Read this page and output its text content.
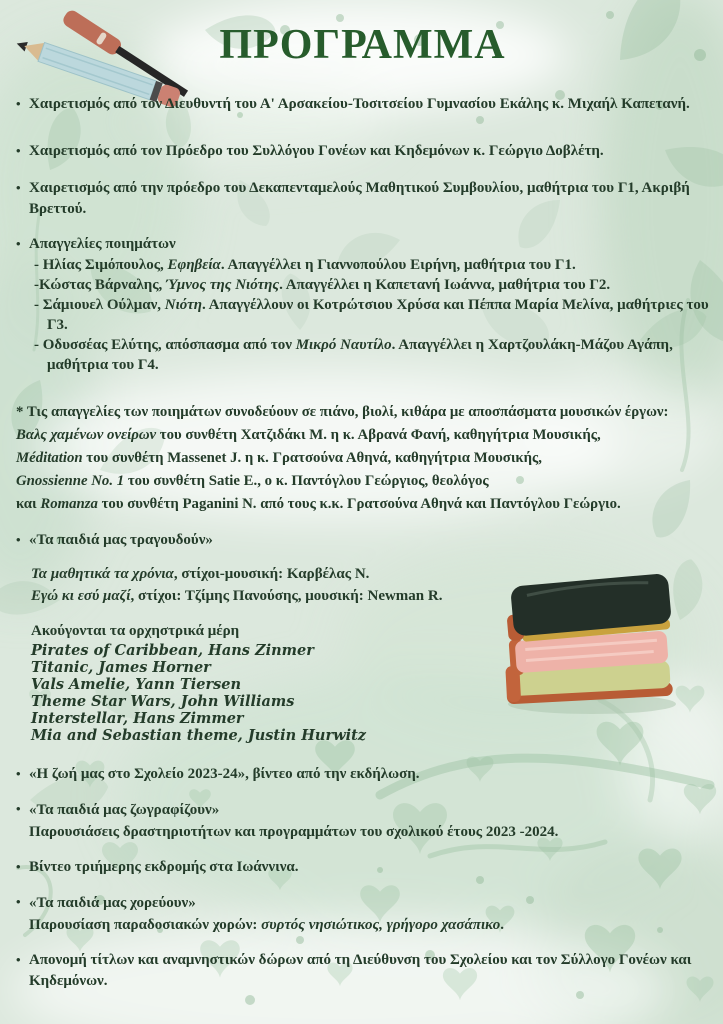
ΠΡΟΓΡΑΜΜΑ
• Χαιρετισμός από τον Διευθυντή του Α' Αρσακείου-Τοσιτσείου Γυμνασίου Εκάλης κ. Μιχαήλ Καπετανή.
• Χαιρετισμός από τον Πρόεδρο του Συλλόγου Γονέων και Κηδεμόνων κ. Γεώργιο Δοβλέτη.
• Χαιρετισμός από την πρόεδρο του Δεκαπενταμελούς Μαθητικού Συμβουλίου, μαθήτρια του Γ1, Ακριβή Βρεττού.
• Απαγγελίες ποιημάτων
- Ηλίας Σιμόπουλος, Εφηβεία. Απαγγέλλει η Γιαννοπούλου Ειρήνη, μαθήτρια του Γ1.
-Κώστας Βάρναλης, Ύμνος της Νιότης. Απαγγέλλει η Καπετανή Ιωάννα, μαθήτρια του Γ2.
- Σάμιουελ Ούλμαν, Νιότη. Απαγγέλλουν οι Κοτρώτσιου Χρύσα και Πέππα Μαρία Μελίνα, μαθήτριες του Γ3.
- Οδυσσέας Ελύτης, απόσπασμα από τον Μικρό Ναυτίλο. Απαγγέλλει η Χαρτζουλάκη-Μάζου Αγάπη, μαθήτρια του Γ4.
* Τις απαγγελίες των ποιημάτων συνοδεύουν σε πιάνο, βιολί, κιθάρα με αποσπάσματα μουσικών έργων:
Βαλς χαμένων ονείρων του συνθέτη Χατζιδάκι Μ. η κ. Αβρανά Φανή, καθηγήτρια Μουσικής,
Méditation του συνθέτη Massenet J. η κ. Γρατσούνα Αθηνά, καθηγήτρια Μουσικής,
Gnossienne No. 1 του συνθέτη Satie E., ο κ. Παντόγλου Γεώργιος, θεολόγος
και Romanza του συνθέτη Paganini N. από τους κ.κ. Γρατσούνα Αθηνά και Παντόγλου Γεώργιο.
• «Τα παιδιά μας τραγουδούν»
Τα μαθητικά τα χρόνια, στίχοι-μουσική: Καρβέλας Ν.
Εγώ κι εσύ μαζί, στίχοι: Τζίμης Πανούσης, μουσική: Newman R.
Ακούγονται τα ορχηστρικά μέρη
Pirates of Caribbean, Hans Zinmer
Titanic, James Horner
Vals Amelie, Yann Tiersen
Theme Star Wars, John Williams
Interstellar, Hans Zimmer
Mia and Sebastian theme, Justin Hurwitz
• «Η ζωή μας στο Σχολείο 2023-24», βίντεο από την εκδήλωση.
• «Τα παιδιά μας ζωγραφίζουν»
Παρουσιάσεις δραστηριοτήτων και προγραμμάτων του σχολικού έτους 2023 -2024.
• Βίντεο τριήμερης εκδρομής στα Ιωάννινα.
• «Τα παιδιά μας χορεύουν»
Παρουσίαση παραδοσιακών χορών: συρτός νησιώτικος, γρήγορο χασάπικο.
• Απονομή τίτλων και αναμνηστικών δώρων από τη Διεύθυνση του Σχολείου και τον Σύλλογο Γονέων και Κηδεμόνων.
